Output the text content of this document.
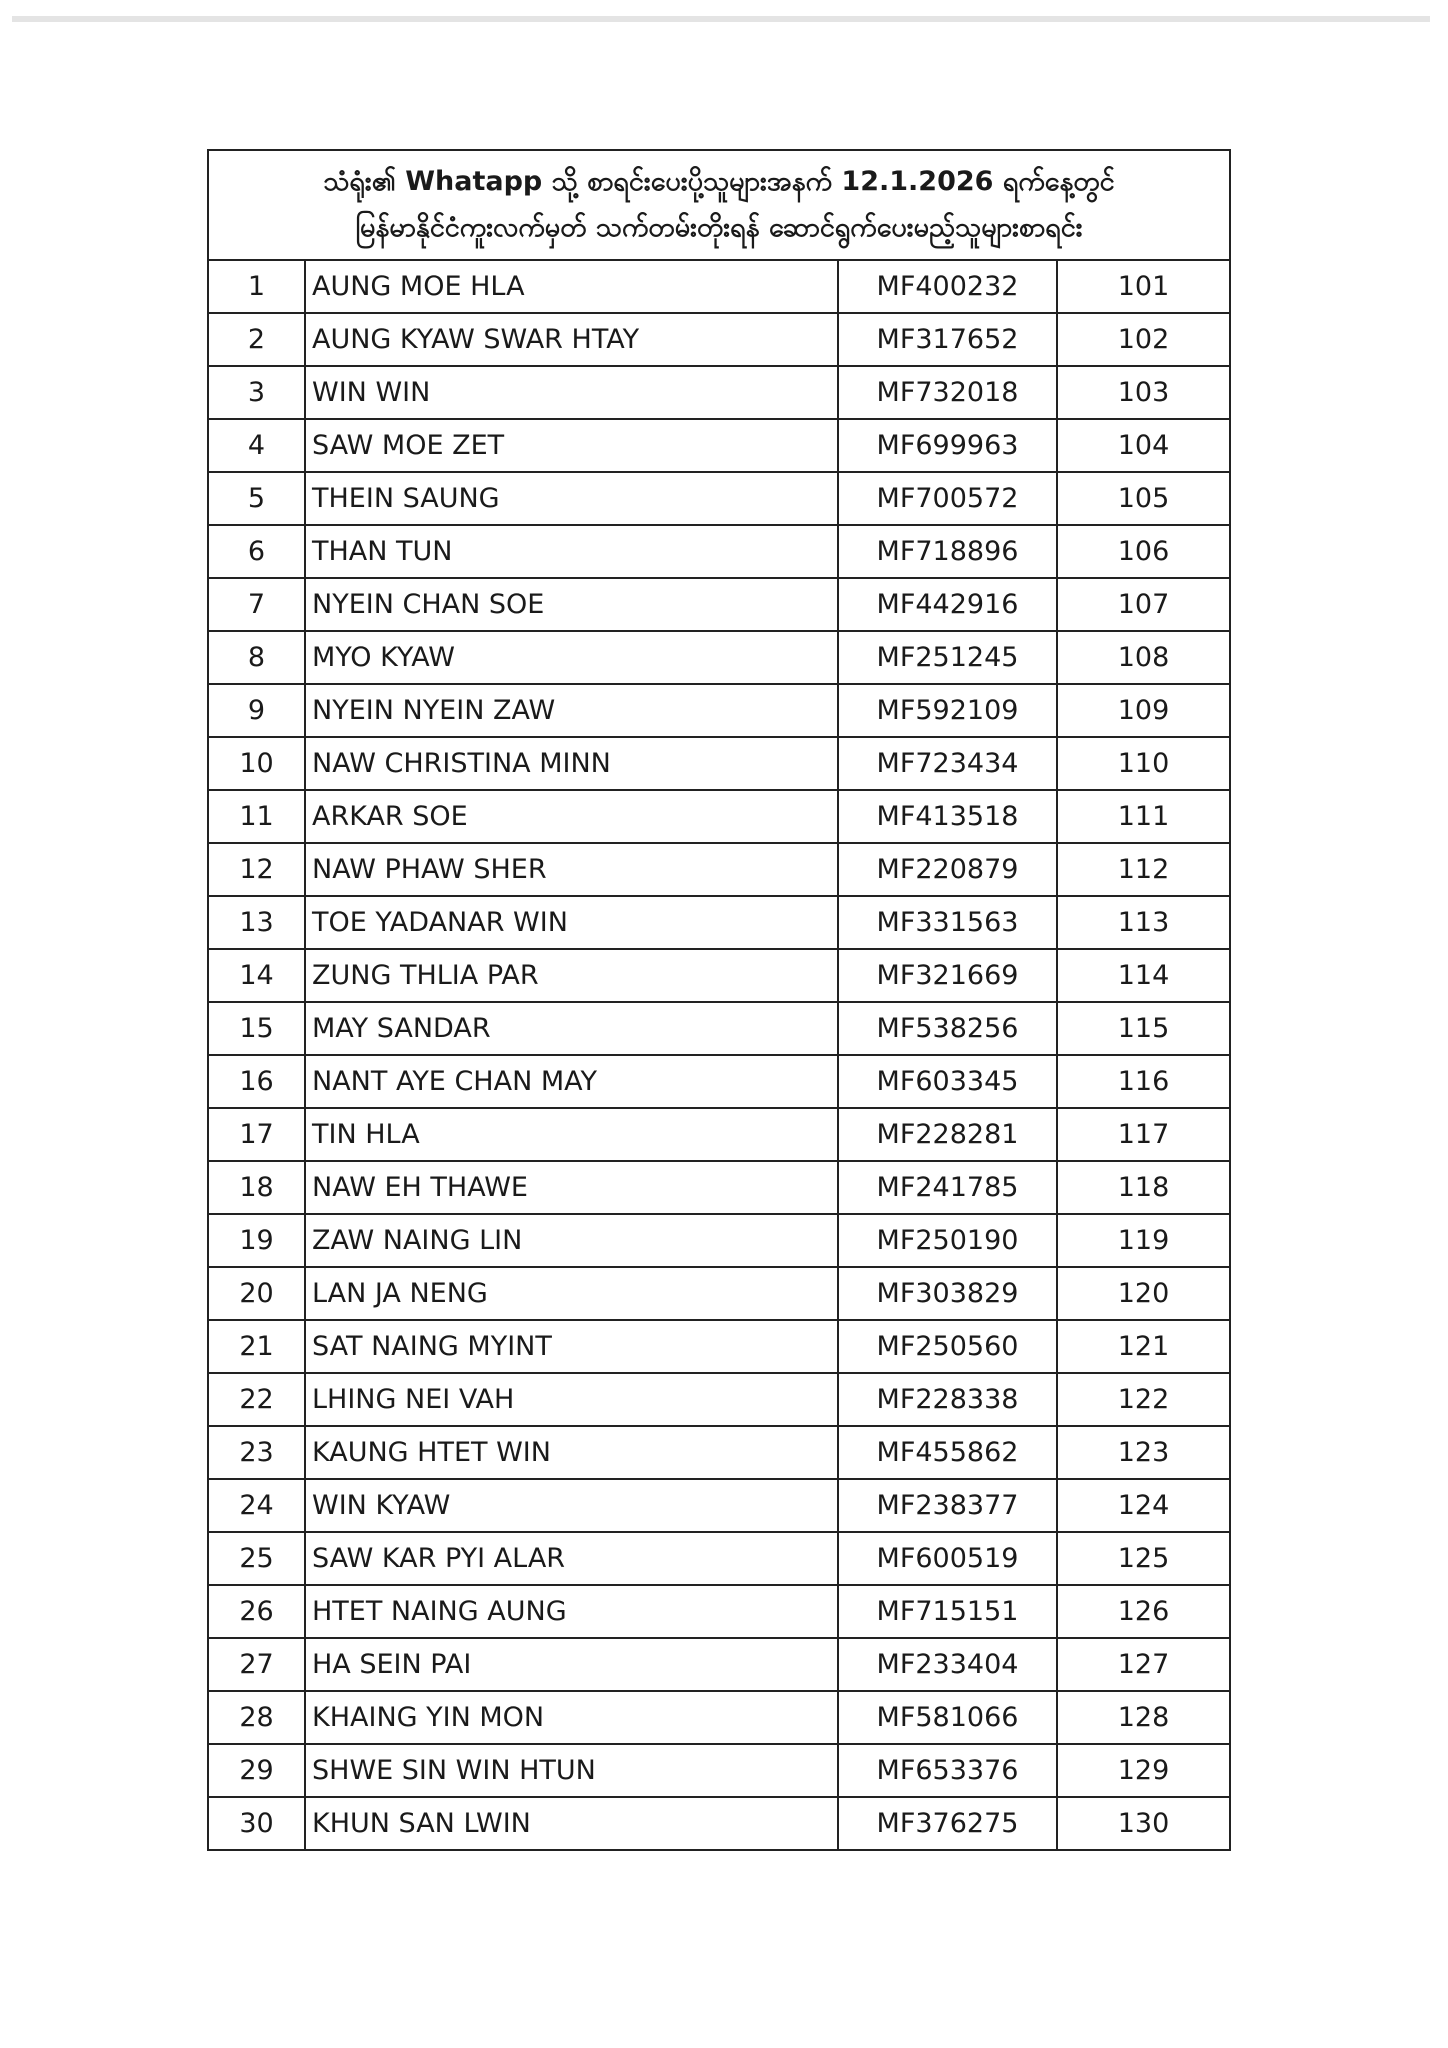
သံရုံး၏ Whatapp သို့ စာရင်းပေးပို့သူများအနက် 12.1.2026 ရက်နေ့တွင်
မြန်မာနိုင်ငံကူးလက်မှတ် သက်တမ်းတိုးရန် ဆောင်ရွက်ပေးမည့်သူများစာရင်း
1	AUNG MOE HLA	MF400232	101
2	AUNG KYAW SWAR HTAY	MF317652	102
3	WIN WIN	MF732018	103
4	SAW MOE ZET	MF699963	104
5	THEIN SAUNG	MF700572	105
6	THAN TUN	MF718896	106
7	NYEIN CHAN SOE	MF442916	107
8	MYO KYAW	MF251245	108
9	NYEIN NYEIN ZAW	MF592109	109
10	NAW CHRISTINA MINN	MF723434	110
11	ARKAR SOE	MF413518	111
12	NAW PHAW SHER	MF220879	112
13	TOE YADANAR WIN	MF331563	113
14	ZUNG THLIA PAR	MF321669	114
15	MAY SANDAR	MF538256	115
16	NANT AYE CHAN MAY	MF603345	116
17	TIN HLA	MF228281	117
18	NAW EH THAWE	MF241785	118
19	ZAW NAING LIN	MF250190	119
20	LAN JA NENG	MF303829	120
21	SAT NAING MYINT	MF250560	121
22	LHING NEI VAH	MF228338	122
23	KAUNG HTET WIN	MF455862	123
24	WIN KYAW	MF238377	124
25	SAW KAR PYI ALAR	MF600519	125
26	HTET NAING AUNG	MF715151	126
27	HA SEIN PAI	MF233404	127
28	KHAING YIN MON	MF581066	128
29	SHWE SIN WIN HTUN	MF653376	129
30	KHUN SAN LWIN	MF376275	130
